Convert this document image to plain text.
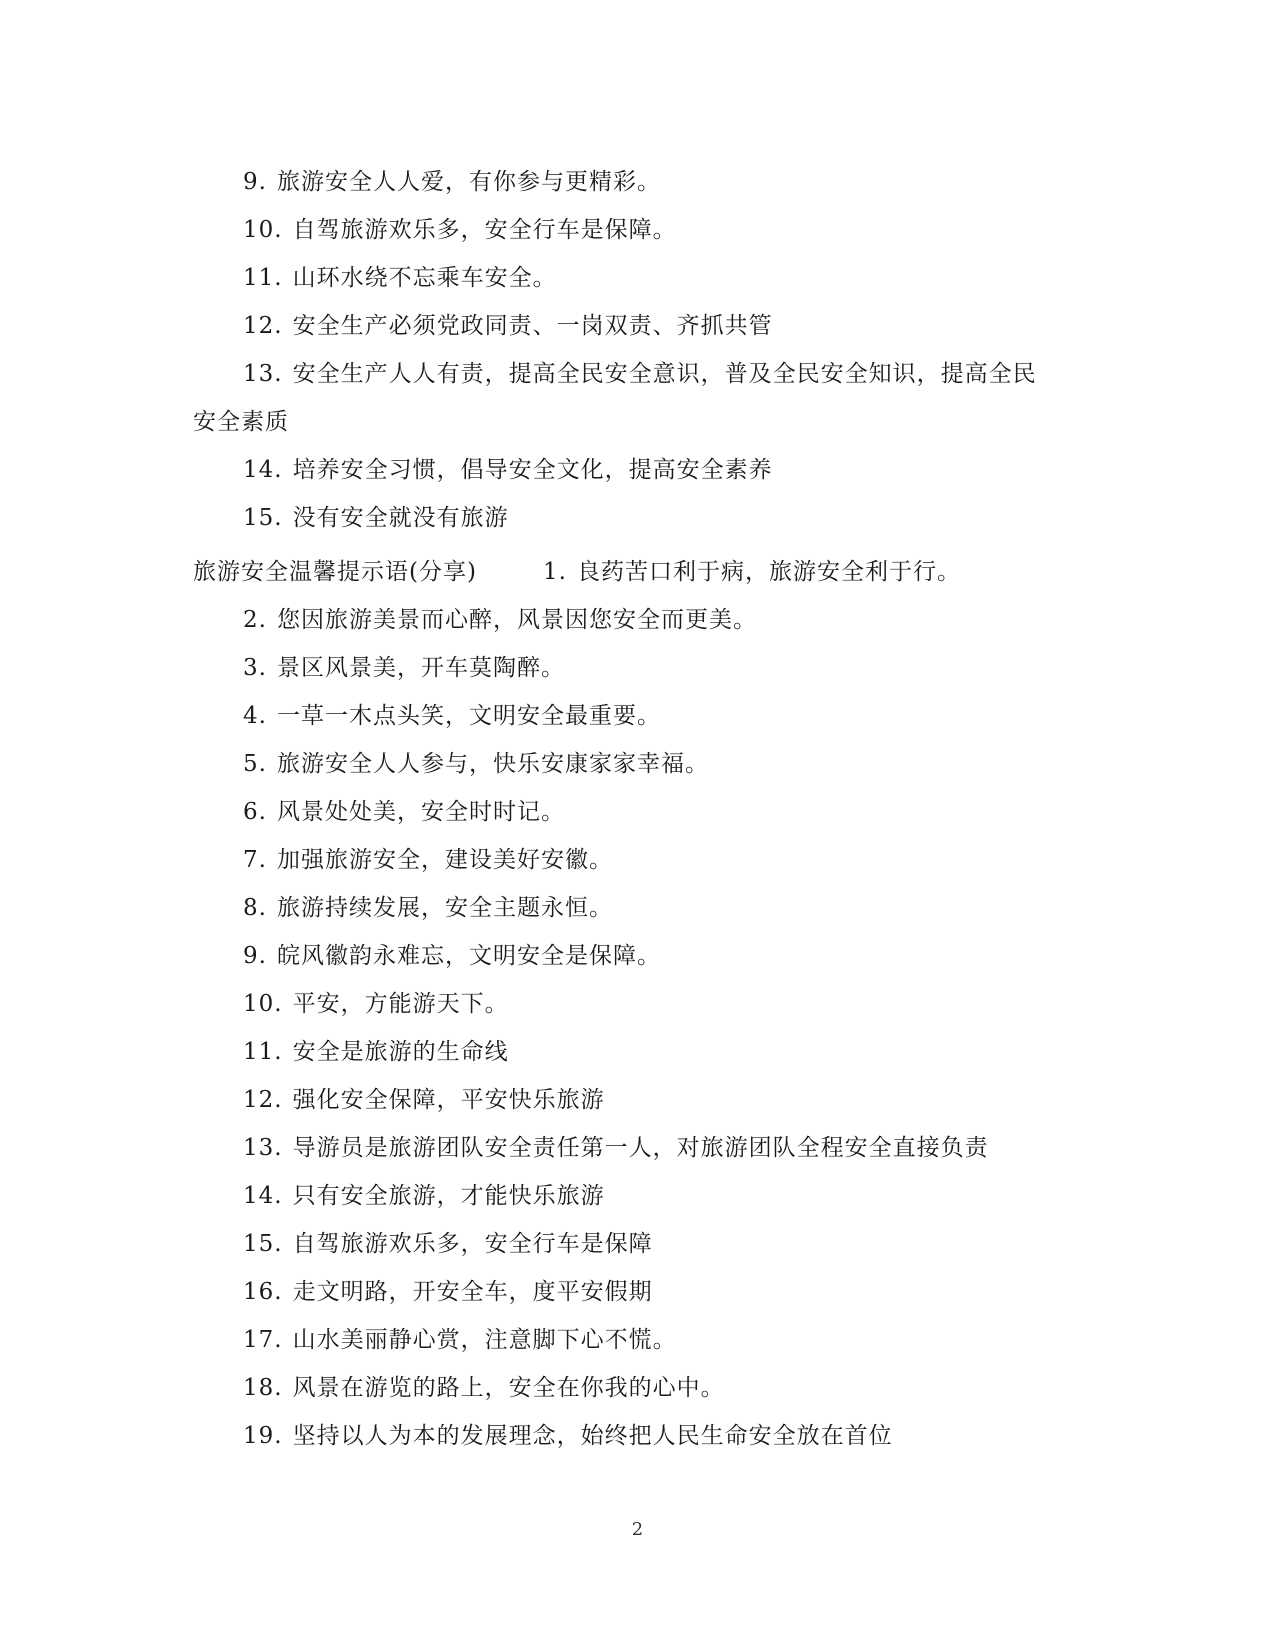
9. 旅游安全人人爱，有你参与更精彩。
10. 自驾旅游欢乐多，安全行车是保障。
11. 山环水绕不忘乘车安全。
12. 安全生产必须党政同责、一岗双责、齐抓共管
13. 安全生产人人有责，提高全民安全意识，普及全民安全知识，提高全民
安全素质
14. 培养安全习惯，倡导安全文化，提高安全素养
15. 没有安全就没有旅游
旅游安全温馨提示语(分享)	1. 良药苦口利于病，旅游安全利于行。
2. 您因旅游美景而心醉，风景因您安全而更美。
3. 景区风景美，开车莫陶醉。
4. 一草一木点头笑，文明安全最重要。
5. 旅游安全人人参与，快乐安康家家幸福。
6. 风景处处美，安全时时记。
7. 加强旅游安全，建设美好安徽。
8. 旅游持续发展，安全主题永恒。
9. 皖风徽韵永难忘，文明安全是保障。
10. 平安，方能游天下。
11. 安全是旅游的生命线
12. 强化安全保障，平安快乐旅游
13. 导游员是旅游团队安全责任第一人，对旅游团队全程安全直接负责
14. 只有安全旅游，才能快乐旅游
15. 自驾旅游欢乐多，安全行车是保障
16. 走文明路，开安全车，度平安假期
17. 山水美丽静心赏，注意脚下心不慌。
18. 风景在游览的路上，安全在你我的心中。
19. 坚持以人为本的发展理念，始终把人民生命安全放在首位
2
